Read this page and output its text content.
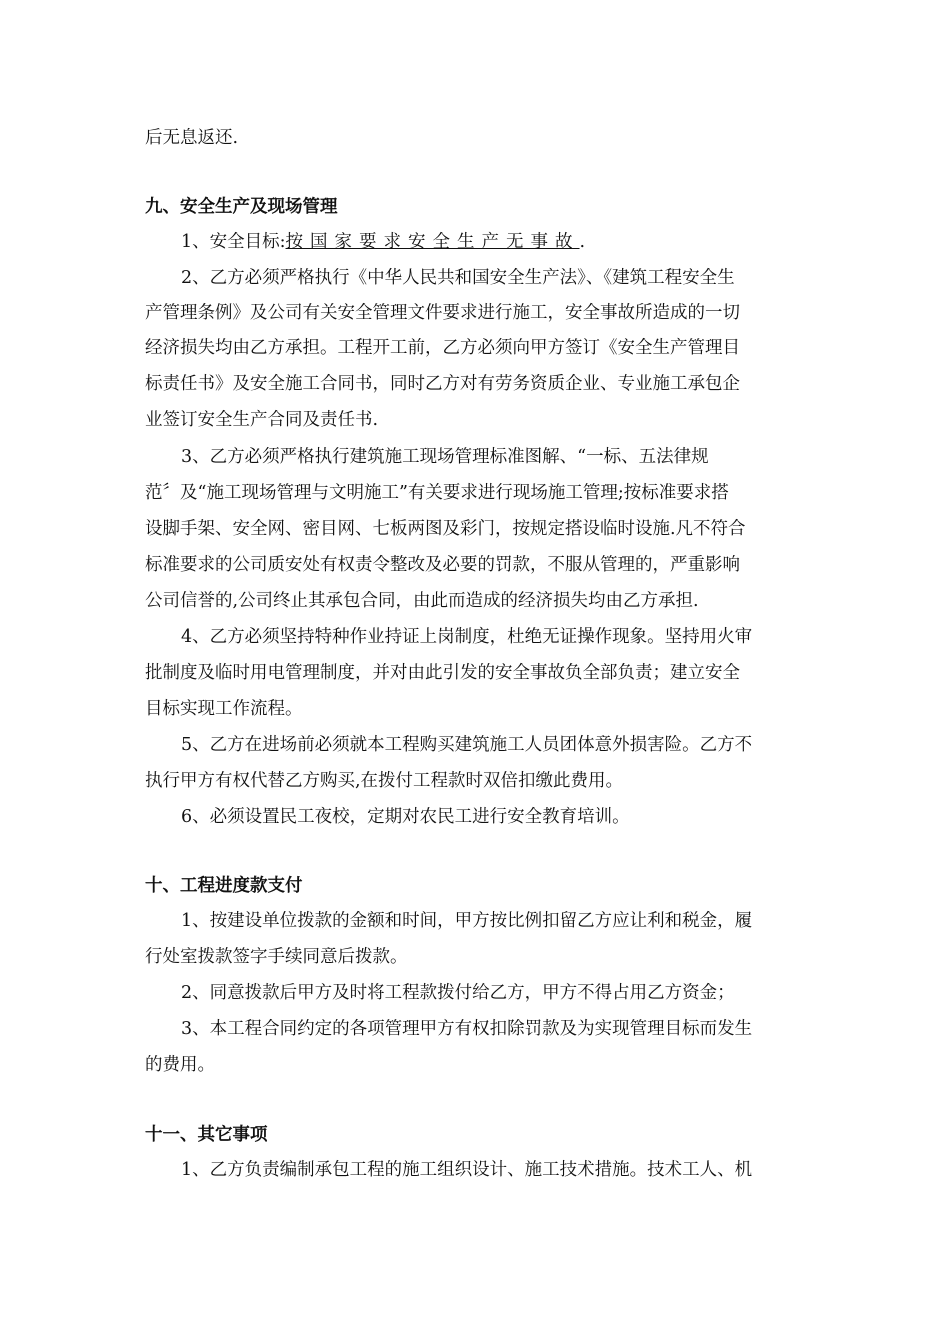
后无息返还.
九、安全生产及现场管理
1、安全目标:按国家要求安全生产无事故.
2、乙方必须严格执行《中华人民共和国安全生产法》、《建筑工程安全生
产管理条例》及公司有关安全管理文件要求进行施工，安全事故所造成的一切
经济损失均由乙方承担。工程开工前，乙方必须向甲方签订《安全生产管理目
标责任书》及安全施工合同书，同时乙方对有劳务资质企业、专业施工承包企
业签订安全生产合同及责任书.
3、乙方必须严格执行建筑施工现场管理标准图解、“一标、五法律规
范〞及“施工现场管理与文明施工”有关要求进行现场施工管理;按标准要求搭
设脚手架、安全网、密目网、七板两图及彩门，按规定搭设临时设施.凡不符合
标准要求的公司质安处有权责令整改及必要的罚款，不服从管理的，严重影响
公司信誉的,公司终止其承包合同，由此而造成的经济损失均由乙方承担.
4、乙方必须坚持特种作业持证上岗制度，杜绝无证操作现象。坚持用火审
批制度及临时用电管理制度，并对由此引发的安全事故负全部负责；建立安全
目标实现工作流程。
5、乙方在进场前必须就本工程购买建筑施工人员团体意外损害险。乙方不
执行甲方有权代替乙方购买,在拨付工程款时双倍扣缴此费用。
6、必须设置民工夜校，定期对农民工进行安全教育培训。
十、工程进度款支付
1、按建设单位拨款的金额和时间，甲方按比例扣留乙方应让利和税金，履
行处室拨款签字手续同意后拨款。
2、同意拨款后甲方及时将工程款拨付给乙方，甲方不得占用乙方资金；
3、本工程合同约定的各项管理甲方有权扣除罚款及为实现管理目标而发生
的费用。
十一、其它事项
1、乙方负责编制承包工程的施工组织设计、施工技术措施。技术工人、机
